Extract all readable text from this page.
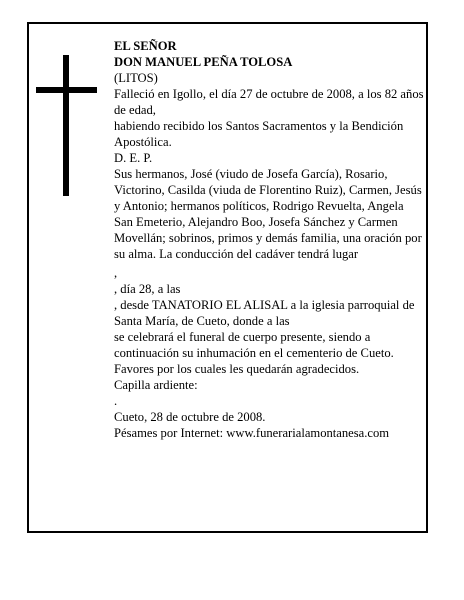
EL SEÑOR
DON MANUEL PEÑA TOLOSA
(LITOS)
Falleció en Igollo, el día 27 de octubre de 2008, a los 82 años de edad,
habiendo recibido los Santos Sacramentos y la Bendición Apostólica.
D. E. P.
Sus hermanos, José (viudo de Josefa García), Rosario, Victorino, Casilda (viuda de Florentino Ruiz), Carmen, Jesús y Antonio; hermanos políticos, Rodrigo Revuelta, Angela San Emeterio, Alejandro Boo, Josefa Sánchez y Carmen Movellán; sobrinos, primos y demás familia, una oración por su alma. La conducción del cadáver tendrá lugar
,
, día 28, a las
, desde TANATORIO EL ALISAL a la iglesia parroquial de Santa María, de Cueto, donde a las
se celebrará el funeral de cuerpo presente, siendo a continuación su inhumación en el cementerio de Cueto. Favores por los cuales les quedarán agradecidos.
Capilla ardiente:
.
Cueto, 28 de octubre de 2008.
Pésames por Internet: www.funerarialamontanesa.com
